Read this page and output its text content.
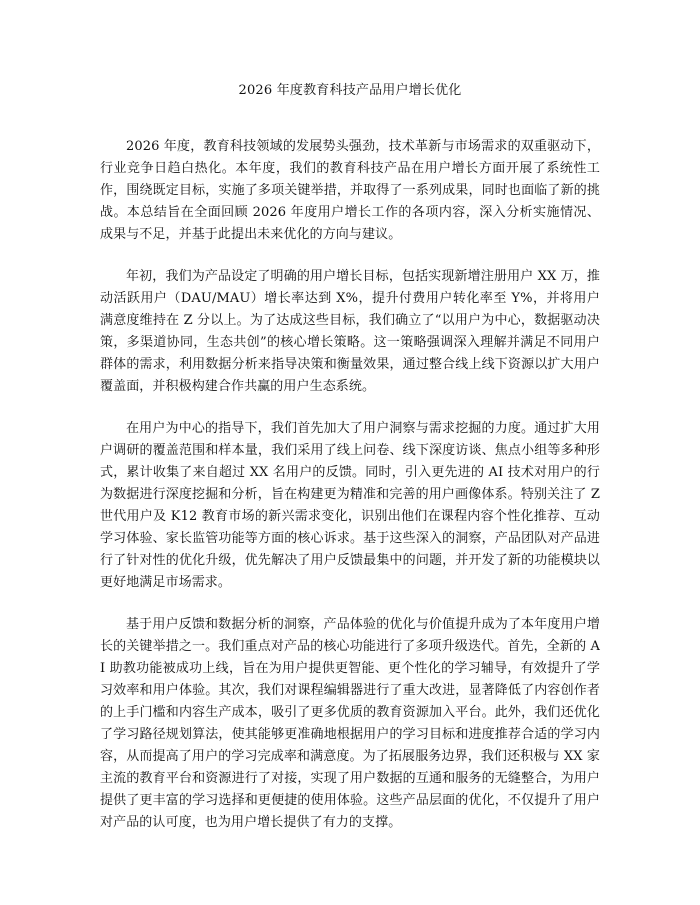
2026 年度教育科技产品用户增长优化

2026 年度，教育科技领域的发展势头强劲，技术革新与市场需求的双重驱动下，行业竞争日趋白热化。本年度，我们的教育科技产品在用户增长方面开展了系统性工作，围绕既定目标，实施了多项关键举措，并取得了一系列成果，同时也面临了新的挑战。本总结旨在全面回顾 2026 年度用户增长工作的各项内容，深入分析实施情况、成果与不足，并基于此提出未来优化的方向与建议。

年初，我们为产品设定了明确的用户增长目标，包括实现新增注册用户 XX 万，推动活跃用户（DAU/MAU）增长率达到 X%，提升付费用户转化率至 Y%，并将用户满意度维持在 Z 分以上。为了达成这些目标，我们确立了“以用户为中心，数据驱动决策，多渠道协同，生态共创”的核心增长策略。这一策略强调深入理解并满足不同用户群体的需求，利用数据分析来指导决策和衡量效果，通过整合线上线下资源以扩大用户覆盖面，并积极构建合作共赢的用户生态系统。

在用户为中心的指导下，我们首先加大了用户洞察与需求挖掘的力度。通过扩大用户调研的覆盖范围和样本量，我们采用了线上问卷、线下深度访谈、焦点小组等多种形式，累计收集了来自超过 XX 名用户的反馈。同时，引入更先进的 AI 技术对用户的行为数据进行深度挖掘和分析，旨在构建更为精准和完善的用户画像体系。特别关注了 Z 世代用户及 K12 教育市场的新兴需求变化，识别出他们在课程内容个性化推荐、互动学习体验、家长监管功能等方面的核心诉求。基于这些深入的洞察，产品团队对产品进行了针对性的优化升级，优先解决了用户反馈最集中的问题，并开发了新的功能模块以更好地满足市场需求。

基于用户反馈和数据分析的洞察，产品体验的优化与价值提升成为了本年度用户增长的关键举措之一。我们重点对产品的核心功能进行了多项升级迭代。首先，全新的 AI 助教功能被成功上线，旨在为用户提供更智能、更个性化的学习辅导，有效提升了学习效率和用户体验。其次，我们对课程编辑器进行了重大改进，显著降低了内容创作者的上手门槛和内容生产成本，吸引了更多优质的教育资源加入平台。此外，我们还优化了学习路径规划算法，使其能够更准确地根据用户的学习目标和进度推荐合适的学习内容，从而提高了用户的学习完成率和满意度。为了拓展服务边界，我们还积极与 XX 家主流的教育平台和资源进行了对接，实现了用户数据的互通和服务的无缝整合，为用户提供了更丰富的学习选择和更便捷的使用体验。这些产品层面的优化，不仅提升了用户对产品的认可度，也为用户增长提供了有力的支撑。
